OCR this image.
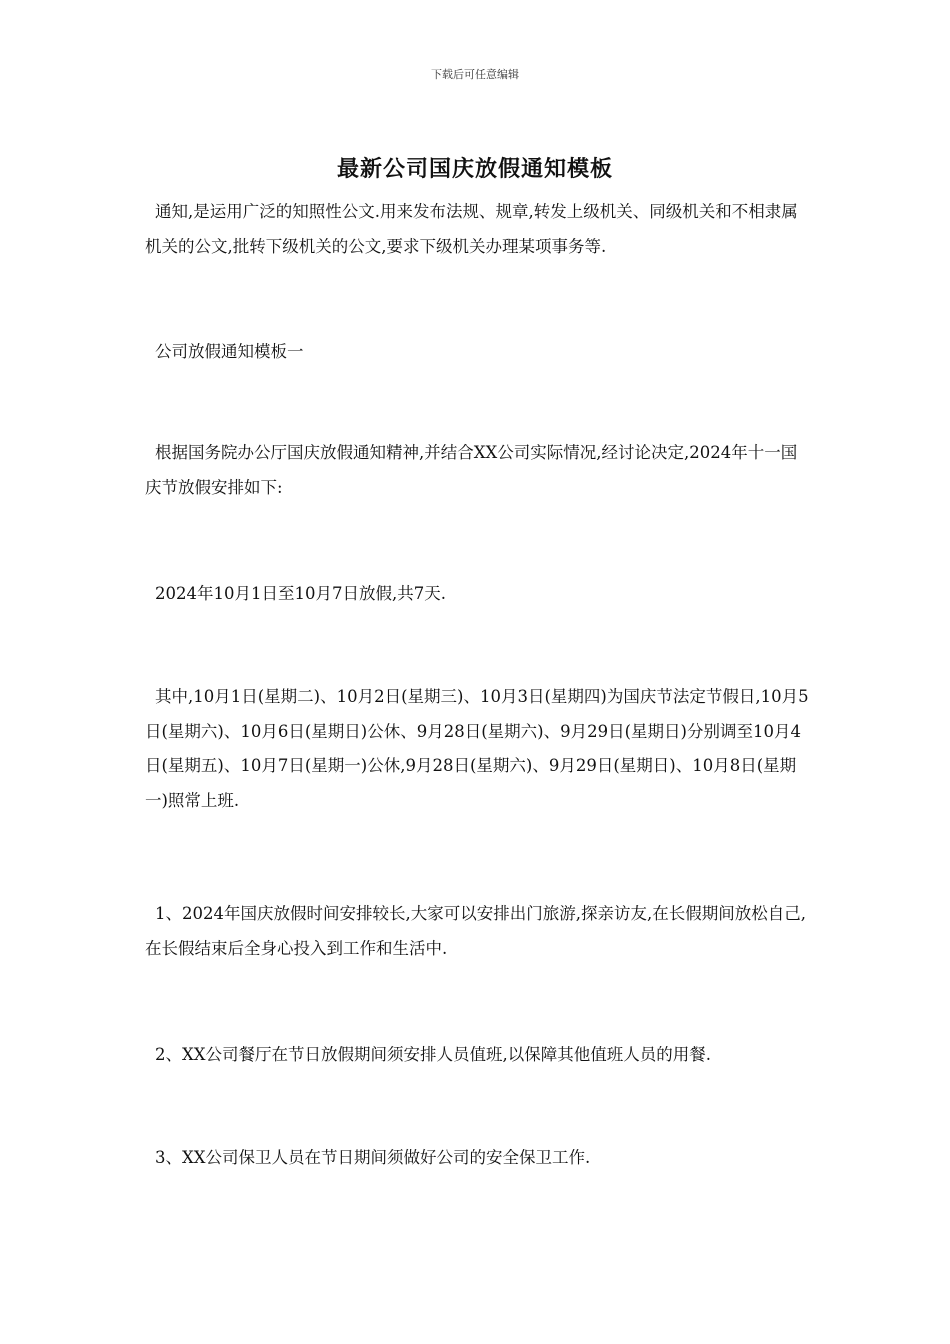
下载后可任意编辑
最新公司国庆放假通知模板
通知,是运用广泛的知照性公文.用来发布法规、规章,转发上级机关、同级机关和不相隶属机关的公文,批转下级机关的公文,要求下级机关办理某项事务等.
公司放假通知模板一
根据国务院办公厅国庆放假通知精神,并结合XX公司实际情况,经讨论决定,2024年十一国庆节放假安排如下:
2024年10月1日至10月7日放假,共7天.
其中,10月1日(星期二)、10月2日(星期三)、10月3日(星期四)为国庆节法定节假日,10月5日(星期六)、10月6日(星期日)公休、9月28日(星期六)、9月29日(星期日)分别调至10月4日(星期五)、10月7日(星期一)公休,9月28日(星期六)、9月29日(星期日)、10月8日(星期一)照常上班.
1、2024年国庆放假时间安排较长,大家可以安排出门旅游,探亲访友,在长假期间放松自己,在长假结束后全身心投入到工作和生活中.
2、XX公司餐厅在节日放假期间须安排人员值班,以保障其他值班人员的用餐.
3、XX公司保卫人员在节日期间须做好公司的安全保卫工作.
